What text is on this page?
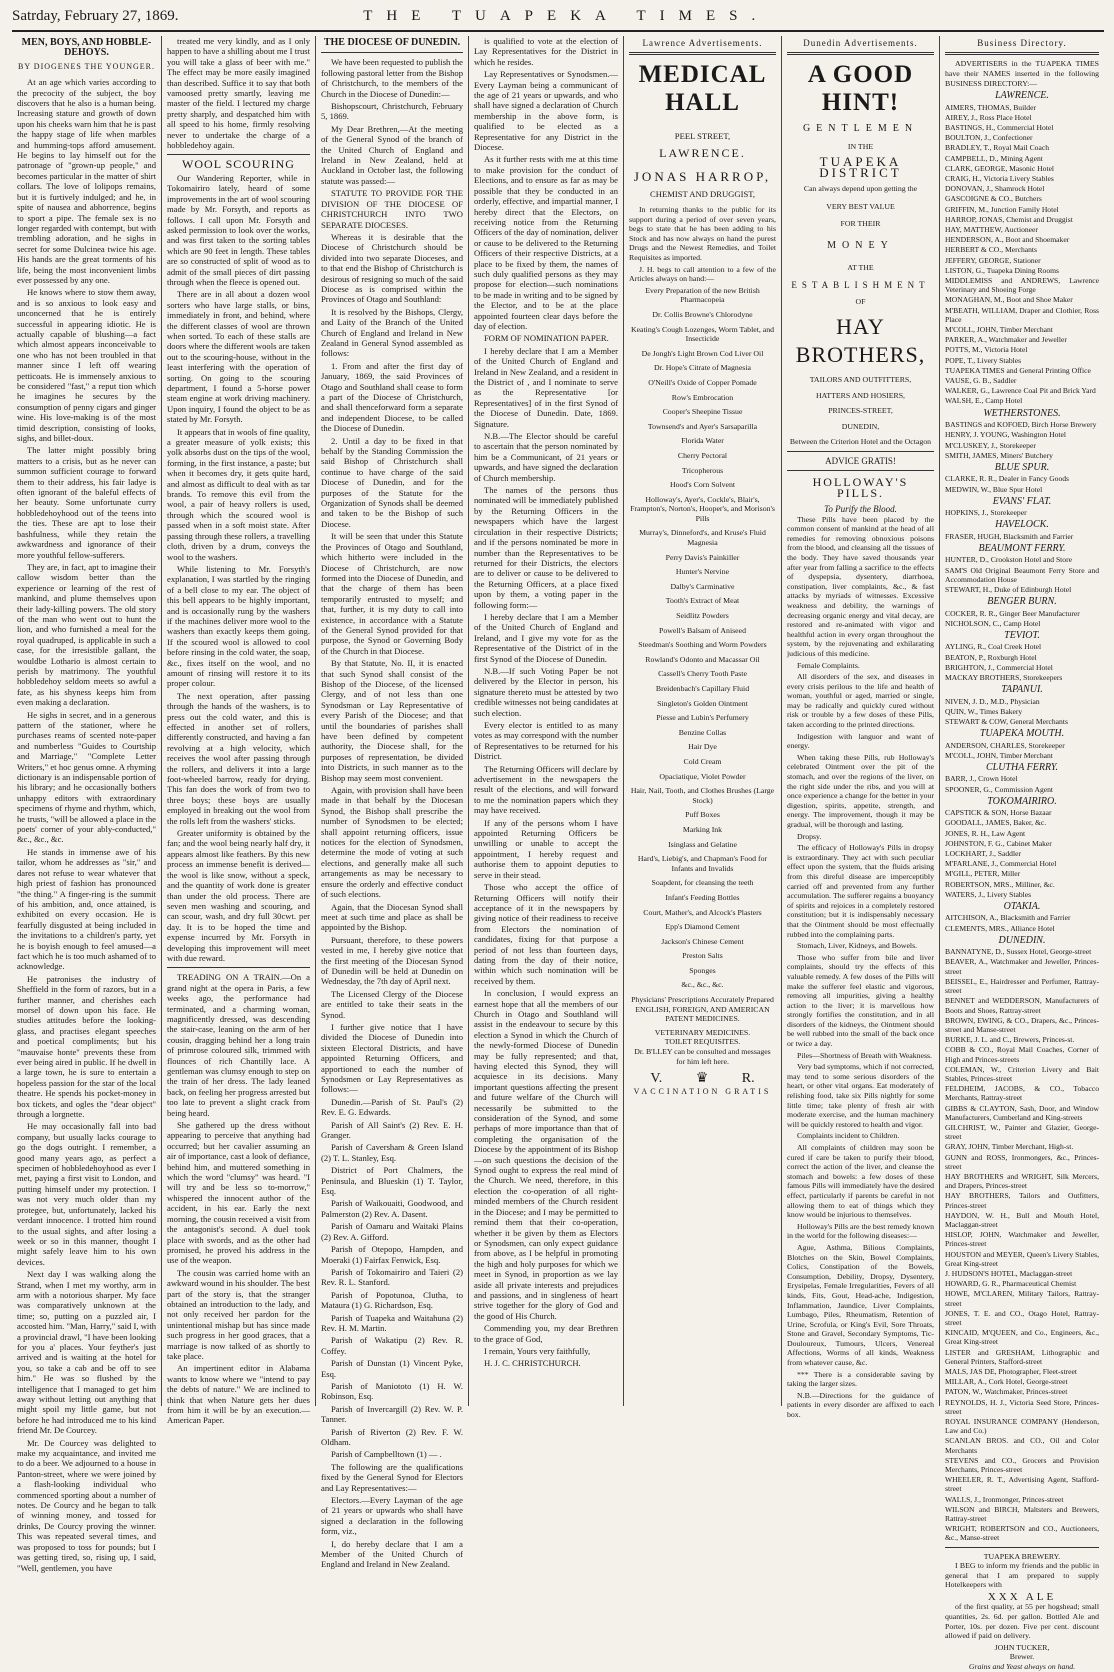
Satrday, February 27, 1869.	THE TUAPEKA TIMES.
MEN, BOYS, AND HOBBLE-DEHOYS.
BY DIOGENES THE YOUNGER.

At an age which varies according to the precocity of the subject, the boy discovers that he also is a human being. Increasing stature and growth of down upon his cheeks warn him that he is past the happy stage of life when marbles and humming-tops afford amusement. He begins to lay himself out for the patronage of "grown-up people," and becomes particular in the matter of shirt collars. The love of lolipops remains, but it is furtively indulged; and he, in spite of nausea and abhorrence, begins to sport a pipe. The female sex is no longer regarded with contempt, but with trembling adoration, and he sighs in secret for some Dulcinea twice his age. His hands are the great torments of his life, being the most inconvenient limbs ever possessed by any one.

He knows where to stow them away, and is so anxious to look easy and unconcerned that he is entirely successful in appearing idiotic. He is actually capable of blushing—a fact which almost appears inconceivable to one who has not been troubled in that manner since I left off wearing petticoats. He is immensely anxious to be considered "fast," a reput tion which he imagines he secures by the consumption of penny cigars and ginger wine. His love-making is of the most timid description, consisting of looks, sighs, and billet-doux.

The latter might possibly bring matters to a crisis, but as he never can summon sufficient courage to forward them to their address, his fair ladye is often ignorant of the baleful effects of her beauty. Some unfortunate curry hobbledehoyhood out of the teens into the ties. These are apt to lose their bashfulness, while they retain the awkwardness and ignorance of their more youthful fellow-sufferers.

They are, in fact, apt to imagine their callow wisdom better than the experience or learning of the rest of mankind, and plume themselves upon their lady-killing powers. The old story of the man who went out to hunt the lion, and who furnished a meal for the royal quadruped, is applicable in such a case, for the irresistible gallant, the wouldbe Lothario is almost certain to perish by matrimony. The youthful hobbledehoy seldom meets so awful a fate, as his shyness keeps him from even making a declaration.

He sighs in secret, and in a generous pattern of the stationer, where he purchases reams of scented note-paper and numberless "Guides to Courtship and Marriage," "Complete Letter Writers," et hoc genus omne. A rhyming dictionary is an indispensable portion of his library; and he occasionally bothers unhappy editors with extraordinary specimens of rhyme and rhythm, which, he trusts, "will be allowed a place in the poets' corner of your ably-conducted," &c., &c., &c.

He stands in immense awe of his tailor, whom he addresses as "sir," and dares not refuse to wear whatever that high priest of fashion has pronounced "the thing." A finger-ring is the summit of his ambition, and, once attained, is exhibited on every occasion. He is fearfully disgusted at being included in the invitations to a children's party, yet he is boyish enough to feel amused—a fact which he is too much ashamed of to acknowledge.

He patronises the industry of Sheffield in the form of razors, but in a further manner, and cherishes each morsel of down upon his face. He studies attitudes before the looking-glass, and practises elegant speeches and poetical compliments; but his "mauvaise honte" prevents these from ever being aired in public. If he dwell in a large town, he is sure to entertain a hopeless passion for the star of the local theatre. He spends his pocket-money in box tickets, and ogles the "dear object" through a lorgnette.

He may occasionally fall into bad company, but usually lacks courage to go the dogs outright. I remember, a good many years ago, as perfect a specimen of hobbledehoyhood as ever I met, paying a first visit to London, and putting himself under my protection. I was not very much older than my protegee, but, unfortunately, lacked his verdant innocence. I trotted him round to the usual sights, and after losing a week or so in this manner, thought I might safely leave him to his own devices.

Next day I was walking along the Strand, when I met my worthy, arm in arm with a notorious sharper. My face was comparatively unknown at the time; so, putting on a puzzled air, I accosted him. "Man, Harry," said I, with a provincial drawl, "I have been looking for you a' places. Your feyther's just arrived and is waiting at the hotel for you, so take a cab and be off to see him." He was so flushed by the intelligence that I managed to get him away without letting out anything that might spoil my little game, but not before he had introduced me to his kind friend Mr. De Courcey.

Mr. De Courcey was delighted to make my acquaintance, and invited me to do a beer. We adjourned to a house in Panton-street, where we were joined by a flash-looking individual who commenced sporting about a number of notes. De Courcy and he began to talk of winning money, and tossed for drinks, De Courcy proving the winner. This was repeated several times, and was proposed to toss for pounds; but I was getting tired, so, rising up, I said, "Well, gentlemen, you have

treated me very kindly, and as I only happen to have a shilling about me I trust you will take a glass of beer with me." The effect may be more easily imagined than described. Suffice it to say that both vamoosed pretty smartly, leaving me master of the field. I lectured my charge pretty sharply, and despatched him with all speed to his home, firmly resolving never to undertake the charge of a hobbledehoy again.

WOOL SCOURING

Our Wandering Reporter, while in Tokomairiro lately, heard of some improvements in the art of wool scouring made by Mr. Forsyth, and reports as follows. I call upon Mr. Forsyth and asked permission to look over the works, and was first taken to the sorting tables which are 90 feet in length. These tables are so constructed of split of wood as to admit of the small pieces of dirt passing through when the fleece is opened out.

There are in all about a dozen wool sorters who have large stalls, or bins, immediately in front, and behind, where the different classes of wool are thrown when sorted. To each of these stalls are doors where the different wools are taken out to the scouring-house, without in the least interfering with the operation of sorting. On going to the scouring department, I found a 5-horse power steam engine at work driving machinery. Upon inquiry, I found the object to be as stated by Mr. Forsyth.

It appears that in wools of fine quality, a greater measure of yolk exists; this yolk absorbs dust on the tips of the wool, forming, in the first instance, a paste; but when it becomes dry, it gets quite hard, and almost as difficult to deal with as tar brands. To remove this evil from the wool, a pair of heavy rollers is used, through which the scoured wool is passed when in a soft moist state. After passing through these rollers, a travelling cloth, driven by a drum, conveys the wool to the washers.

While listening to Mr. Forsyth's explanation, I was startled by the ringing of a bell close to my ear. The object of this bell appears to be highly important, and is occasionally rung by the washers if the machines deliver more wool to the washers than exactly keeps them going. If the scoured wool is allowed to cool before rinsing in the cold water, the soap, &c., fixes itself on the wool, and no amount of rinsing will restore it to its proper colour.

The next operation, after passing through the hands of the washers, is to press out the cold water, and this is effected in another set of rollers, differently constructed, and having a fan revolving at a high velocity, which receives the wool after passing through the rollers, and delivers it into a large foot-wheeled barrow, ready for drying. This fan does the work of from two to three boys; these boys are usually employed in breaking out the wool from the rolls left from the washers' sticks.

Greater uniformity is obtained by the fan; and the wool being nearly half dry, it appears almost like feathers. By this new process an immense benefit is derived—the wool is like snow, without a speck, and the quantity of work done is greater than under the old process. There are seven men washing and scouring, and can scour, wash, and dry full 30cwt. per day. It is to be hoped the time and expense incurred by Mr. Forsyth in developing this improvement will meet with due reward.

TREADING ON A TRAIN.—On a grand night at the opera in Paris, a few weeks ago, the performance had terminated, and a charming woman, magnificently dressed, was descending the stair-case, leaning on the arm of her cousin, dragging behind her a long train of primrose coloured silk, trimmed with flounces of rich Chantilly lace. A gentleman was clumsy enough to step on the train of her dress. The lady leaned back, on feeling her progress arrested but too late to prevent a slight crack from being heard.

She gathered up the dress without appearing to perceive that anything had occurred; but her cavalier assuming an air of importance, cast a look of defiance, behind him, and muttered something in which the word "clumsy" was heard. "I will try and be less so to-morrow," whispered the innocent author of the accident, in his ear. Early the next morning, the cousin received a visit from the antagonist's second. A duel took place with swords, and as the other had promised, he proved his address in the use of the weapon.

The cousin was carried home with an awkward wound in his shoulder. The best part of the story is, that the stranger obtained an introduction to the lady, and not only received her pardon for the unintentional mishap but has since made such progress in her good graces, that a marriage is now talked of as shortly to take place.

An impertinent editor in Alabama wants to know where we "intend to pay the debts of nature." We are inclined to think that when Nature gets her dues from him it will be by an execution.—American Paper.

THE DIOCESE OF DUNEDIN.

We have been requested to publish the following pastoral letter from the Bishop of Christchurch, to the members of the Church in the Diocese of Dunedin:—

Bishopscourt, Christchurch, February 5, 1869.

My Dear Brethren,—At the meeting of the General Synod of the branch of the United Church of England and Ireland in New Zealand, held at Auckland in October last, the following statute was passed:—

STATUTE TO PROVIDE FOR THE DIVISION OF THE DIOCESE OF CHRISTCHURCH INTO TWO SEPARATE DIOCESES.

Whereas it is desirable that the Diocese of Christchurch should be divided into two separate Dioceses, and to that end the Bishop of Christchurch is desirous of resigning so much of the said Diocese as is comprised within the Provinces of Otago and Southland:

It is resolved by the Bishops, Clergy, and Laity of the Branch of the United Church of England and Ireland in New Zealand in General Synod assembled as follows:

1. From and after the first day of January, 1869, the said Provinces of Otago and Southland shall cease to form a part of the Diocese of Christchurch, and shall thenceforward form a separate and independent Diocese, to be called the Diocese of Dunedin.

2. Until a day to be fixed in that behalf by the Standing Commission the said Bishop of Christchurch shall continue to have charge of the said Diocese of Dunedin, and for the purposes of the Statute for the Organization of Synods shall be deemed and taken to be the Bishop of such Diocese.

It will be seen that under this Statute the Provinces of Otago and Southland, which hitherto were included in the Diocese of Christchurch, are now formed into the Diocese of Dunedin, and that the charge of them has been temporarily entrusted to myself; and that, further, it is my duty to call into existence, in accordance with a Statute of the General Synod provided for that purpose, the Synod or Governing Body of the Church in that Diocese.

By that Statute, No. II, it is enacted that such Synod shall consist of the Bishop of the Diocese, of the licensed Clergy, and of not less than one Synodsman or Lay Representative of every Parish of the Diocese; and that until the boundaries of parishes shall have been defined by competent authority, the Diocese shall, for the purposes of representation, be divided into Districts, in such manner as to the Bishop may seem most convenient.

Again, with provision shall have been made in that behalf by the Diocesan Synod, the Bishop shall prescribe the number of Synodsmen to be elected; shall appoint returning officers, issue notices for the election of Synodsmen, determine the mode of voting at such elections, and generally make all such arrangements as may be necessary to ensure the orderly and effective conduct of such elections.

Again, that the Diocesan Synod shall meet at such time and place as shall be appointed by the Bishop.

Pursuant, therefore, to these powers vested in me, I hereby give notice that the first meeting of the Diocesan Synod of Dunedin will be held at Dunedin on Wednesday, the 7th day of April next.

The Licensed Clergy of the Diocese are entitled to take their seats in the Synod.

I further give notice that I have divided the Diocese of Dunedin into sixteen Electoral Districts, and have appointed Returning Officers, and apportioned to each the number of Synodsmen or Lay Representatives as follows:—

Dunedin.—Parish of St. Paul's (2) Rev. E. G. Edwards.

Parish of All Saint's (2) Rev. E. H. Granger.

Parish of Caversham & Green Island (2) T. L. Stanley, Esq.

District of Port Chalmers, the Peninsula, and Blueskin (1) T. Taylor, Esq.

Parish of Waikouaiti, Goodwood, and Palmerston (2) Rev. A. Dasent.

Parish of Oamaru and Waitaki Plains (2) Rev. A. Gifford.

Parish of Otepopo, Hampden, and Moeraki (1) Fairfax Fenwick, Esq.

Parish of Tokomairiro and Taieri (2) Rev. R. L. Stanford.

Parish of Popotunoa, Clutha, to Mataura (1) G. Richardson, Esq.

Parish of Tuapeka and Waitahuna (2) Rev. H. M. Martin.

Parish of Wakatipu (2) Rev. R. Coffey.

Parish of Dunstan (1) Vincent Pyke, Esq.

Parish of Maniototo (1) H. W. Robinson, Esq.

Parish of Invercargill (2) Rev. W. P. Tanner.

Parish of Riverton (2) Rev. F. W. Oldham.

Parish of Campbelltown (1) — .

The following are the qualifications fixed by the General Synod for Electors and Lay Representatives:—

Electors.—Every Layman of the age of 21 years or upwards who shall have signed a declaration in the following form, viz.,

I, do hereby declare that I am a Member of the United Church of England and Ireland in New Zealand.

is qualified to vote at the election of Lay Representatives for the District in which he resides.

Lay Representatives or Synodsmen.—Every Layman being a communicant of the age of 21 years or upwards, and who shall have signed a declaration of Church membership in the above form, is qualified to be elected as a Representative for any District in the Diocese.

As it further rests with me at this time to make provision for the conduct of Elections, and to ensure as far as may be possible that they be conducted in an orderly, effective, and impartial manner, I hereby direct that the Electors, on receiving notice from the Returning Officers of the day of nomination, deliver or cause to be delivered to the Returning Officers of their respective Districts, at a place to be fixed by them, the names of such duly qualified persons as they may propose for election—such nominations to be made in writing and to be signed by the Elector, and to be at the place appointed fourteen clear days before the day of election.

FORM OF NOMINATION PAPER.

I hereby declare that I am a Member of the United Church of England and Ireland in New Zealand, and a resident in the District of , and I nominate to serve as the Representative [or Representatives] of in the first Synod of the Diocese of Dunedin. Date, 1869. Signature.

N.B.—The Elector should be careful to ascertain that the person nominated by him be a Communicant, of 21 years or upwards, and have signed the declaration of Church membership.

The names of the persons thus nominated will be immediately published by the Returning Officers in the newspapers which have the largest circulation in their respective Districts; and if the persons nominated be more in number than the Representatives to be returned for their Districts, the electors are to deliver or cause to be delivered to the Returning Officers, at a place fixed upon by them, a voting paper in the following form:—

I hereby declare that I am a Member of the United Church of England and Ireland, and I give my vote for as the Representative of the District of in the first Synod of the Diocese of Dunedin.

N.B.—If such Voting Paper be not delivered by the Elector in person, his signature thereto must be attested by two credible witnesses not being candidates at such election.

Every elector is entitled to as many votes as may correspond with the number of Representatives to be returned for his District.

The Returning Officers will declare by advertisement in the newspapers the result of the elections, and will forward to me the nomination papers which they may have received.

If any of the persons whom I have appointed Returning Officers be unwilling or unable to accept the appointment, I hereby request and authorise them to appoint deputies to serve in their stead.

Those who accept the office of Returning Officers will notify their acceptance of it in the newspapers by giving notice of their readiness to receive from Electors the nomination of candidates, fixing for that purpose a period of not less than fourteen days, dating from the day of their notice, within which such nomination will be received by them.

In conclusion, I would express an earnest hope that all the members of our Church in Otago and Southland will assist in the endeavour to secure by this election a Synod in which the Church of the newly-formed Diocese of Dunedin may be fully represented; and that, having elected this Synod, they will acquiesce in its decisions. Many important questions affecting the present and future welfare of the Church will necessarily be submitted to the consideration of the Synod, and some perhaps of more importance than that of completing the organisation of the Diocese by the appointment of its Bishop—on such questions the decision of the Synod ought to express the real mind of the Church. We need, therefore, in this election the co-operation of all right-minded members of the Church resident in the Diocese; and I may be permitted to remind them that their co-operation, whether it be given by them as Electors or Synodsmen, can only expect guidance from above, as I be helpful in promoting the high and holy purposes for which we meet in Synod, in proportion as we lay aside all private interests and prejudices and passions, and in singleness of heart strive together for the glory of God and the good of His Church.

Commending you, my dear Brethren to the grace of God,

I remain, Yours very faithfully,

H. J. C. CHRISTCHURCH.

Lawrence Advertisements.
MEDICAL HALL
PEEL STREET,
LAWRENCE.
JONAS HARROP,
CHEMIST AND DRUGGIST,

In returning thanks to the public for its support during a period of over seven years, begs to state that he has been adding to his Stock and has now always on hand the purest Drugs and the Newest Remedies, and Toilet Requisites as imported.

J. H. begs to call attention to a few of the Articles always on hand:—

Every Preparation of the new British Pharmacopeia
Dr. Collis Browne's Chlorodyne
Keating's Cough Lozenges, Worm Tablet, and Insecticide
De Jongh's Light Brown Cod Liver Oil
Dr. Hope's Citrate of Magnesia
O'Neill's Oxide of Copper Pomade
Row's Embrocation
Cooper's Sheepine Tissue
Townsend's and Ayer's Sarsaparilla
Florida Water
Cherry Pectoral
Tricopherous
Hood's Corn Solvent
Holloway's, Ayer's, Cockle's, Blair's, Frampton's, Norton's, Hooper's, and Morison's Pills
Murray's, Dinneford's, and Kruse's Fluid Magnesia
Perry Davis's Painkiller
Hunter's Nervine
Dalby's Carminative
Tooth's Extract of Meat
Seidlitz Powders
Powell's Balsam of Aniseed
Steedman's Soothing and Worm Powders
Rowland's Odonto and Macassar Oil
Cassell's Cherry Tooth Paste
Breidenbach's Capillary Fluid
Singleton's Golden Ointment
Piesse and Lubin's Perfumery
Benzine Collas
Hair Dye
Cold Cream
Opaciatique, Violet Powder
Hair, Nail, Tooth, and Clothes Brushes (Large Stock)
Puff Boxes
Marking Ink
Isinglass and Gelatine
Hard's, Liebig's, and Chapman's Food for Infants and Invalids
Soapdent, for cleansing the teeth
Infant's Feeding Bottles
Court, Mather's, and Alcock's Plasters
Epp's Diamond Cement
Jackson's Chinese Cement
Preston Salts
Sponges
&c., &c., &c.
Physicians' Prescriptions Accurately Prepared
ENGLISH, FOREIGN, AND AMERICAN PATENT MEDICINES.
VETERINARY MEDICINES.
TOILET REQUISITES.
Dr. B'LLEY can be consulted and messages for him left here.
V. ♛ R.
VACCINATION GRATIS
Dunedin Advertisements.
A GOOD HINT!
GENTLEMEN
IN THE
TUAPEKA DISTRICT
Can always depend upon getting the
VERY BEST VALUE
FOR THEIR
MONEY
AT THE
ESTABLISHMENT
OF
HAY BROTHERS,
TAILORS AND OUTFITTERS,
HATTERS AND HOSIERS,
PRINCES-STREET,
DUNEDIN,
Between the Criterion Hotel and the Octagon
ADVICE GRATIS!
HOLLOWAY'S PILLS.
To Purify the Blood.

These Pills have been placed by the common consent of mankind at the head of all remedies for removing obnoxious poisons from the blood, and cleansing all the tissues of the body. They have saved thousands year after year from falling a sacrifice to the effects of dyspepsia, dysentery, diarrhoea, constipation, liver complaints, &c., & fast attacks by myriads of witnesses. Excessive weakness and debility, the warnings of decreasing organic energy and vital decay, are restored and re-animated with vigor and healthful action in every organ throughout the system, by the rejuvenating and exhilarating judicious of this medicine.

Female Complaints.

All disorders of the sex, and diseases in every crisis perilous to the life and health of woman, youthful or aged, married or single, may be radically and quickly cured without risk or trouble by a few doses of these Pills, taken according to the printed directions.

Indigestion with languor and want of energy.

When taking these Pills, rub Holloway's celebrated Ointment over the pit of the stomach, and over the regions of the liver, on the right side under the ribs, and you will at once experience a change for the better in your digestion, spirits, appetite, strength, and energy. The improvement, though it may be gradual, will be thorough and lasting.

Dropsy.

The efficacy of Holloway's Pills in dropsy is extraordinary. They act with such peculiar effect upon the system, that the fluids arising from this direful disease are imperceptibly carried off and prevented from any further accumulation. The sufferer regains a buoyancy of spirits and rejoices in a completely restored constitution; but it is indispensably necessary that the Ointment should be most effectually rubbed into the complaining parts.

Stomach, Liver, Kidneys, and Bowels.

Those who suffer from bile and liver complaints, should try the effects of this valuable remedy. A few doses of the Pills will make the sufferer feel elastic and vigorous, removing all impurities, giving a healthy action to the liver; it is marvellous how strongly fortifies the constitution, and in all disorders of the kidneys, the Ointment should be well rubbed into the small of the back once or twice a day.

Piles—Shortness of Breath with Weakness.

Very bad symptoms, which if not corrected, may tend to some serious disorders of the heart, or other vital organs. Eat moderately of relishing food, take six Pills nightly for some little time; take plenty of fresh air with moderate exercise, and the human machinery will be quickly restored to health and vigor.

Complaints incident to Children.

All complaints of children may soon be cured if care be taken to purify their blood, correct the action of the liver, and cleanse the stomach and bowels: a few doses of these famous Pills will immediately have the desired effect, particularly if parents be careful in not allowing them to eat of things which they know would be injurious to themselves.

Holloway's Pills are the best remedy known in the world for the following diseases:—

Ague, Asthma, Bilious Complaints, Blotches on the Skin, Bowel Complaints, Colics, Constipation of the Bowels, Consumption, Debility, Dropsy, Dysentery, Erysipelas, Female Irregularities, Fevers of all kinds, Fits, Gout, Head-ache, Indigestion, Inflammation, Jaundice, Liver Complaints, Lumbago, Piles, Rheumatism, Retention of Urine, Scrofula, or King's Evil, Sore Throats, Stone and Gravel, Secondary Symptoms, Tic-Douloureux, Tumours, Ulcers, Venereal Affections, Worms of all kinds, Weakness from whatever cause, &c.

*** There is a considerable saving by taking the larger sizes.

N.B.—Directions for the guidance of patients in every disorder are affixed to each box.

Business Directory.

ADVERTISERS in the TUAPEKA TIMES have their NAMES inserted in the following BUSINESS DIRECTORY:—

LAWRENCE.
AIMERS, THOMAS, Builder
AIREY, J., Ross Place Hotel
BASTINGS, H., Commercial Hotel
BOULTON, J., Confectioner
BRADLEY, T., Royal Mail Coach
CAMPBELL, D., Mining Agent
CLARK, GEORGE, Masonic Hotel
CRAIG, H., Victoria Livery Stables
DONOVAN, J., Shamrock Hotel
GASCOIGNE & CO., Butchers
GRIFFIN, M., Junction Family Hotel
HARROP, JONAS, Chemist and Druggist
HAY, MATTHEW, Auctioneer
HENDERSON, A., Boot and Shoemaker
HERBERT & CO., Merchants
JEFFERY, GEORGE, Stationer
LISTON, G., Tuapeka Dining Rooms
MIDDLEMISS and ANDREWS, Lawrence Veterinary and Shoeing Forge
MONAGHAN, M., Boot and Shoe Maker
M'BEATH, WILLIAM, Draper and Clothier, Ross Place
M'COLL, JOHN, Timber Merchant
PARKER, A., Watchmaker and Jeweller
POTTS, M., Victoria Hotel
POPE, T., Livery Stables
TUAPEKA TIMES and General Printing Office
VAUSE, G. B., Saddler
WALKER, G., Lawrence Coal Pit and Brick Yard
WALSH, E., Camp Hotel
WETHERSTONES.
BASTINGS and KOFOED, Birch Horse Brewery
HENRY, J. YOUNG, Washington Hotel
M'CLUSKEY, J., Storekeeper
SMITH, JAMES, Miners' Butchery
BLUE SPUR.
CLARKE, R. R., Dealer in Fancy Goods
MEDWIN, W., Blue Spur Hotel
EVANS' FLAT.
HOPKINS, J., Storekeeper
HAVELOCK.
FRASER, HUGH, Blacksmith and Farrier
BEAUMONT FERRY.
HUNTER, D., Crookston Hotel and Store
SAM'S Old Original Beaumont Ferry Store and Accommodation House
STEWART, H., Duke of Edinburgh Hotel
BENGER BURN.
COCKER, R. R., Ginger Beer Manufacturer
NICHOLSON, C., Camp Hotel
TEVIOT.
AYLING, R., Coal Creek Hotel
BEATON, P., Roxburgh Hotel
BRIGHTON, J., Commercial Hotel
MACKAY BROTHERS, Storekeepers
TAPANUI.
NIVEN, J. D., M.D., Physician
QUIN, W., Times Bakery
STEWART & COW, General Merchants
TUAPEKA MOUTH.
ANDERSON, CHARLES, Storekeeper
M'COLL, JOHN, Timber Merchant
CLUTHA FERRY.
BARR, J., Crown Hotel
SPOONER, G., Commission Agent
TOKOMAIRIRO.
CAPSTICK & SON, Horse Bazaar
GOODALL, JAMES, Baker, &c.
JONES, R. H., Law Agent
JOHNSTON, F. G., Cabinet Maker
LOCKHART, J., Saddler
M'FARLANE, J., Commercial Hotel
M'GILL, PETER, Miller
ROBERTSON, MRS., Milliner, &c.
WATERS, J., Livery Stables
OTAKIA.
AITCHISON, A., Blacksmith and Farrier
CLEMENTS, MRS., Alliance Hotel
DUNEDIN.
BANNATYNE, D., Sussex Hotel, George-street
BEAVER, A., Watchmaker and Jeweller, Princes-street
BEISSEL, E., Hairdresser and Perfumer, Rattray-street
BENNET and WEDDERSON, Manufacturers of Boots and Shoes, Rattray-street
BROWN, EWING, & CO., Drapers, &c., Princes-street and Manse-street
BURKE, J. L. and C., Brewers, Princes-st.
COBB & CO., Royal Mail Coaches, Corner of High and Princes-streets
COLEMAN, W., Criterion Livery and Bait Stables, Princes-street
FELDHEIM, JACOBS, & CO., Tobacco Merchants, Rattray-street
GIBBS & CLAYTON, Sash, Door, and Window Manufacturers, Cumberland and King-streets
GILCHRIST, W., Painter and Glazier, George-street
GRAY, JOHN, Timber Merchant, High-st.
GUNN and ROSS, Ironmongers, &c., Princes-street
HAY BROTHERS and WRIGHT, Silk Mercers, and Drapers, Princes-street
HAY BROTHERS, Tailors and Outfitters, Princes-street
HAYDON, W. H., Bull and Mouth Hotel, Maclaggan-street
HISLOP, JOHN, Watchmaker and Jeweller, Princes-street
HOUSTON and MEYER, Queen's Livery Stables, Great King-street
J. HUDSON'S HOTEL, Maclaggan-street
HOWARD, G. R., Pharmaceutical Chemist
HOWE, M'CLAREN, Military Tailors, Rattray-street
JONES, T. E. and CO., Otago Hotel, Rattray-street
KINCAID, M'QUEEN, and Co., Engineers, &c., Great King-street
LISTER and GRESHAM, Lithographic and General Printers, Stafford-street
MALS, JAS DE, Photographer, Fleet-street
MILLAR, A., Cork Hotel, George-street
PATON, W., Watchmaker, Princes-street
REYNOLDS, H. J., Victoria Seed Store, Princes-street
ROYAL INSURANCE COMPANY (Henderson, Law and Co.)
SCANLAN BROS. and CO., Oil and Color Merchants
STEVENS and CO., Grocers and Provision Merchants, Princes-street
WHEELER, R. T., Advertising Agent, Stafford-street
WALLS, J., Ironmonger, Princes-street
WILSON and BIRCH, Maltsters and Brewers, Rattray-street
WRIGHT, ROBERTSON and CO., Auctioneers, &c., Manse-street
TUAPEKA BREWERY.

I BEG to inform my friends and the public in general that I am prepared to supply Hotelkeepers with

XXX ALE

of the first quality, at 55 per hogshead; small quantities, 2s. 6d. per gallon. Bottled Ale and Porter, 10s. per dozen. Five per cent. discount allowed if paid on delivery.

JOHN TUCKER,
Brewer.
Grains and Yeast always on hand.
